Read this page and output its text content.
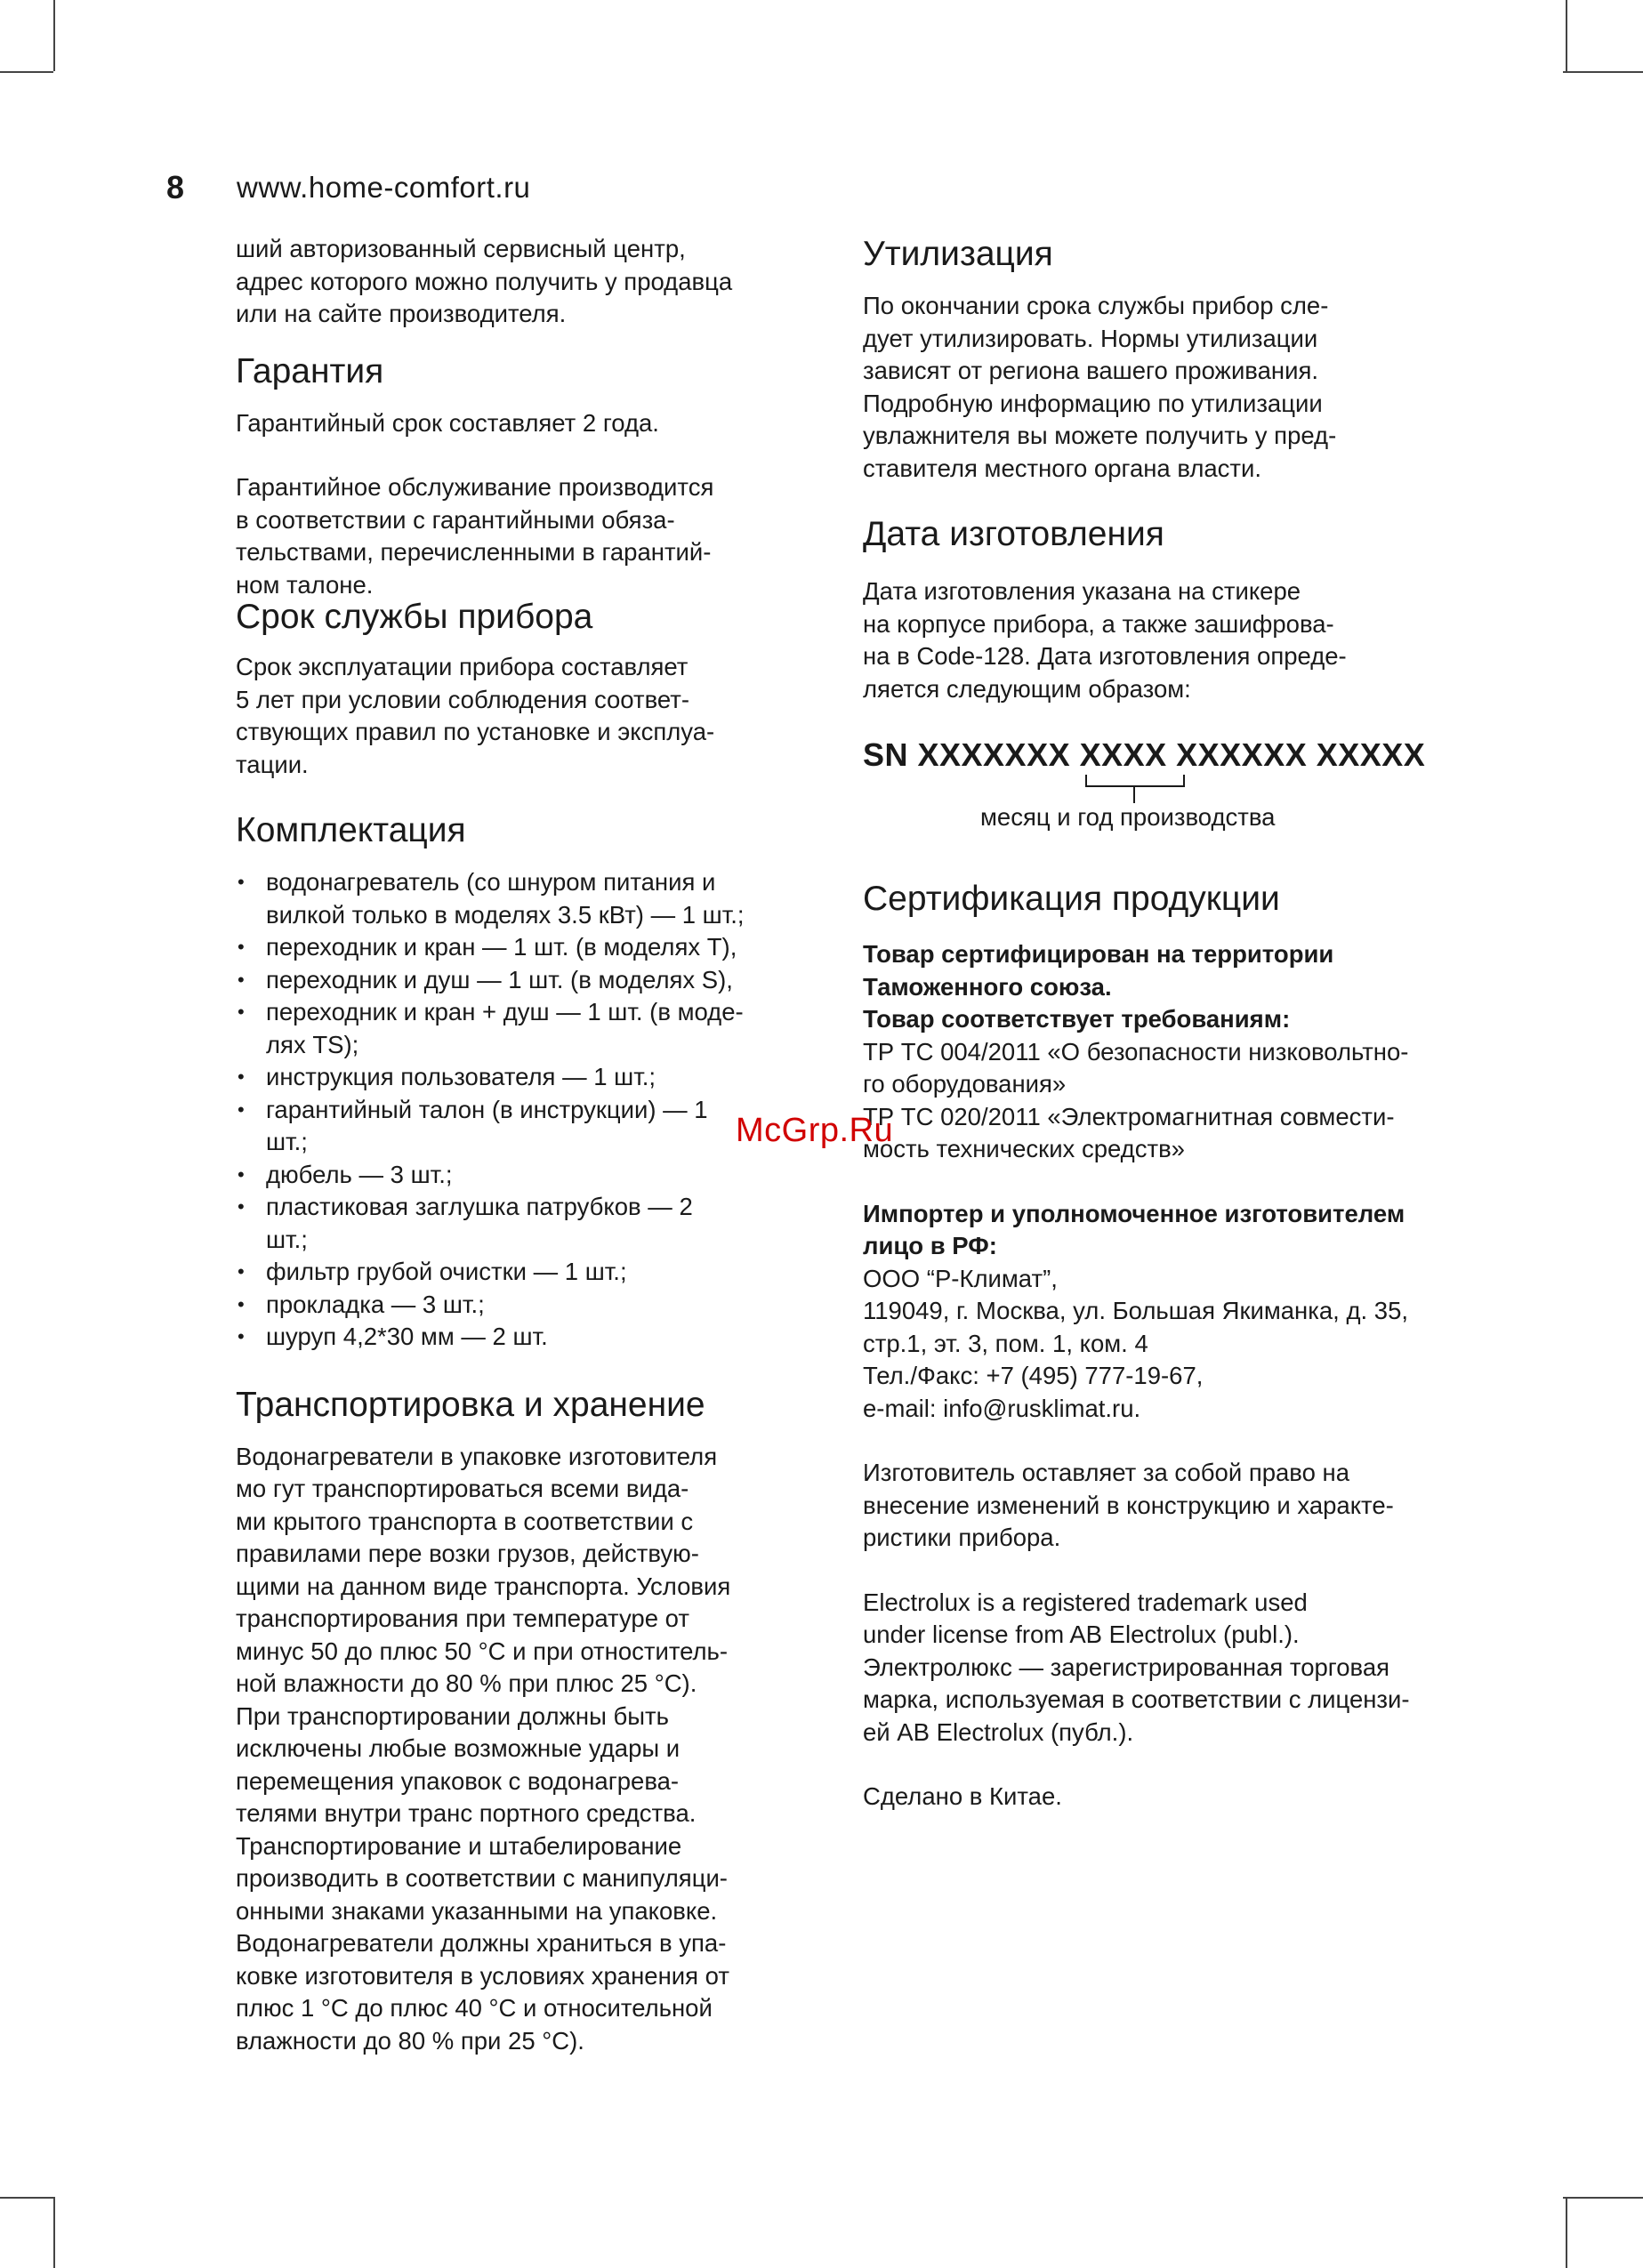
8 www.home-comfort.ru

ший авторизованный сервисный центр,
адрес которого можно получить у продавца
или на сайте производителя.

Гарантия

Гарантийный срок составляет 2 года.

Гарантийное обслуживание производится
в соответствии с гарантийными обяза-
тельствами, перечисленными в гарантий-
ном талоне.

Срок службы прибора

Срок эксплуатации прибора составляет
5 лет при условии соблюдения соответ-
ствующих правил по установке и эксплуа-
тации.

Комплектация
• водонагреватель (со шнуром питания и
вилкой только в моделях 3.5 кВт) — 1 шт.;
• переходник и кран — 1 шт. (в моделях T),
• переходник и душ — 1 шт. (в моделях S),
• переходник и кран + душ — 1 шт. (в моде-
лях TS);
• инструкция пользователя — 1 шт.;
• гарантийный талон (в инструкции) — 1
шт.;
• дюбель — 3 шт.;
• пластиковая заглушка патрубков — 2
шт.;
• фильтр грубой очистки — 1 шт.;
• прокладка — 3 шт.;
• шуруп 4,2*30 мм — 2 шт.
Транспортировка и хранение

Водонагреватели в упаковке изготовителя
мо гут транспортироваться всеми вида-
ми крытого транспорта в соответствии с
правилами пере возки грузов, действую-
щими на данном виде транспорта. Условия
транспортирования при температуре от
минус 50 до плюс 50 °С и при отноститель-
ной влажности до 80 % при плюс 25 °С).
При транспортировании должны быть
исключены любые возможные удары и
перемещения упаковок с водонагрева-
телями внутри транс портного средства.
Транспортирование и штабелирование
производить в соответствии с манипуляци-
онными знаками указанными на упаковке.
Водонагреватели должны храниться в упа-
ковке изготовителя в условиях хранения от
плюс 1 °С до плюс 40 °С и относительной
влажности до 80 % при 25 °С).

Утилизация

По окончании срока службы прибор сле-
дует утилизировать. Нормы утилизации
зависят от региона вашего проживания.
Подробную информацию по утилизации
увлажнителя вы можете получить у пред-
ставителя местного органа власти.

Дата изготовления

Дата изготовления указана на стикере
на корпусе прибора, а также зашифрова-
на в Code-128. Дата изготовления опреде-
ляется следующим образом:

SN XXXXXXX XXXX XXXXXX XXXXX
месяц и год производства
Сертификация продукции

Товар сертифицирован на территории
Таможенного союза.

Товар соответствует требованиям:

ТР ТС 004/2011 «О безопасности низковольтно-
го оборудования»
ТР ТС 020/2011 «Электромагнитная совмести-
мость технических средств»

Импортер и уполномоченное изготовителем
лицо в РФ:

ООО “Р-Климат”,
119049, г. Москва, ул. Большая Якиманка, д. 35,
стр.1, эт. 3, пом. 1, ком. 4
Тел./Факс: +7 (495) 777-19-67,
e-mail: info@rusklimat.ru.

Изготовитель оставляет за собой право на
внесение изменений в конструкцию и характе-
ристики прибора.

Electrolux is a registered trademark used
under license from AB Electrolux (publ.).
Электролюкс — зарегистрированная торговая
марка, используемая в соответствии с лицензи-
ей AB Electrolux (публ.).

Сделано в Китае.

McGrp.Ru
